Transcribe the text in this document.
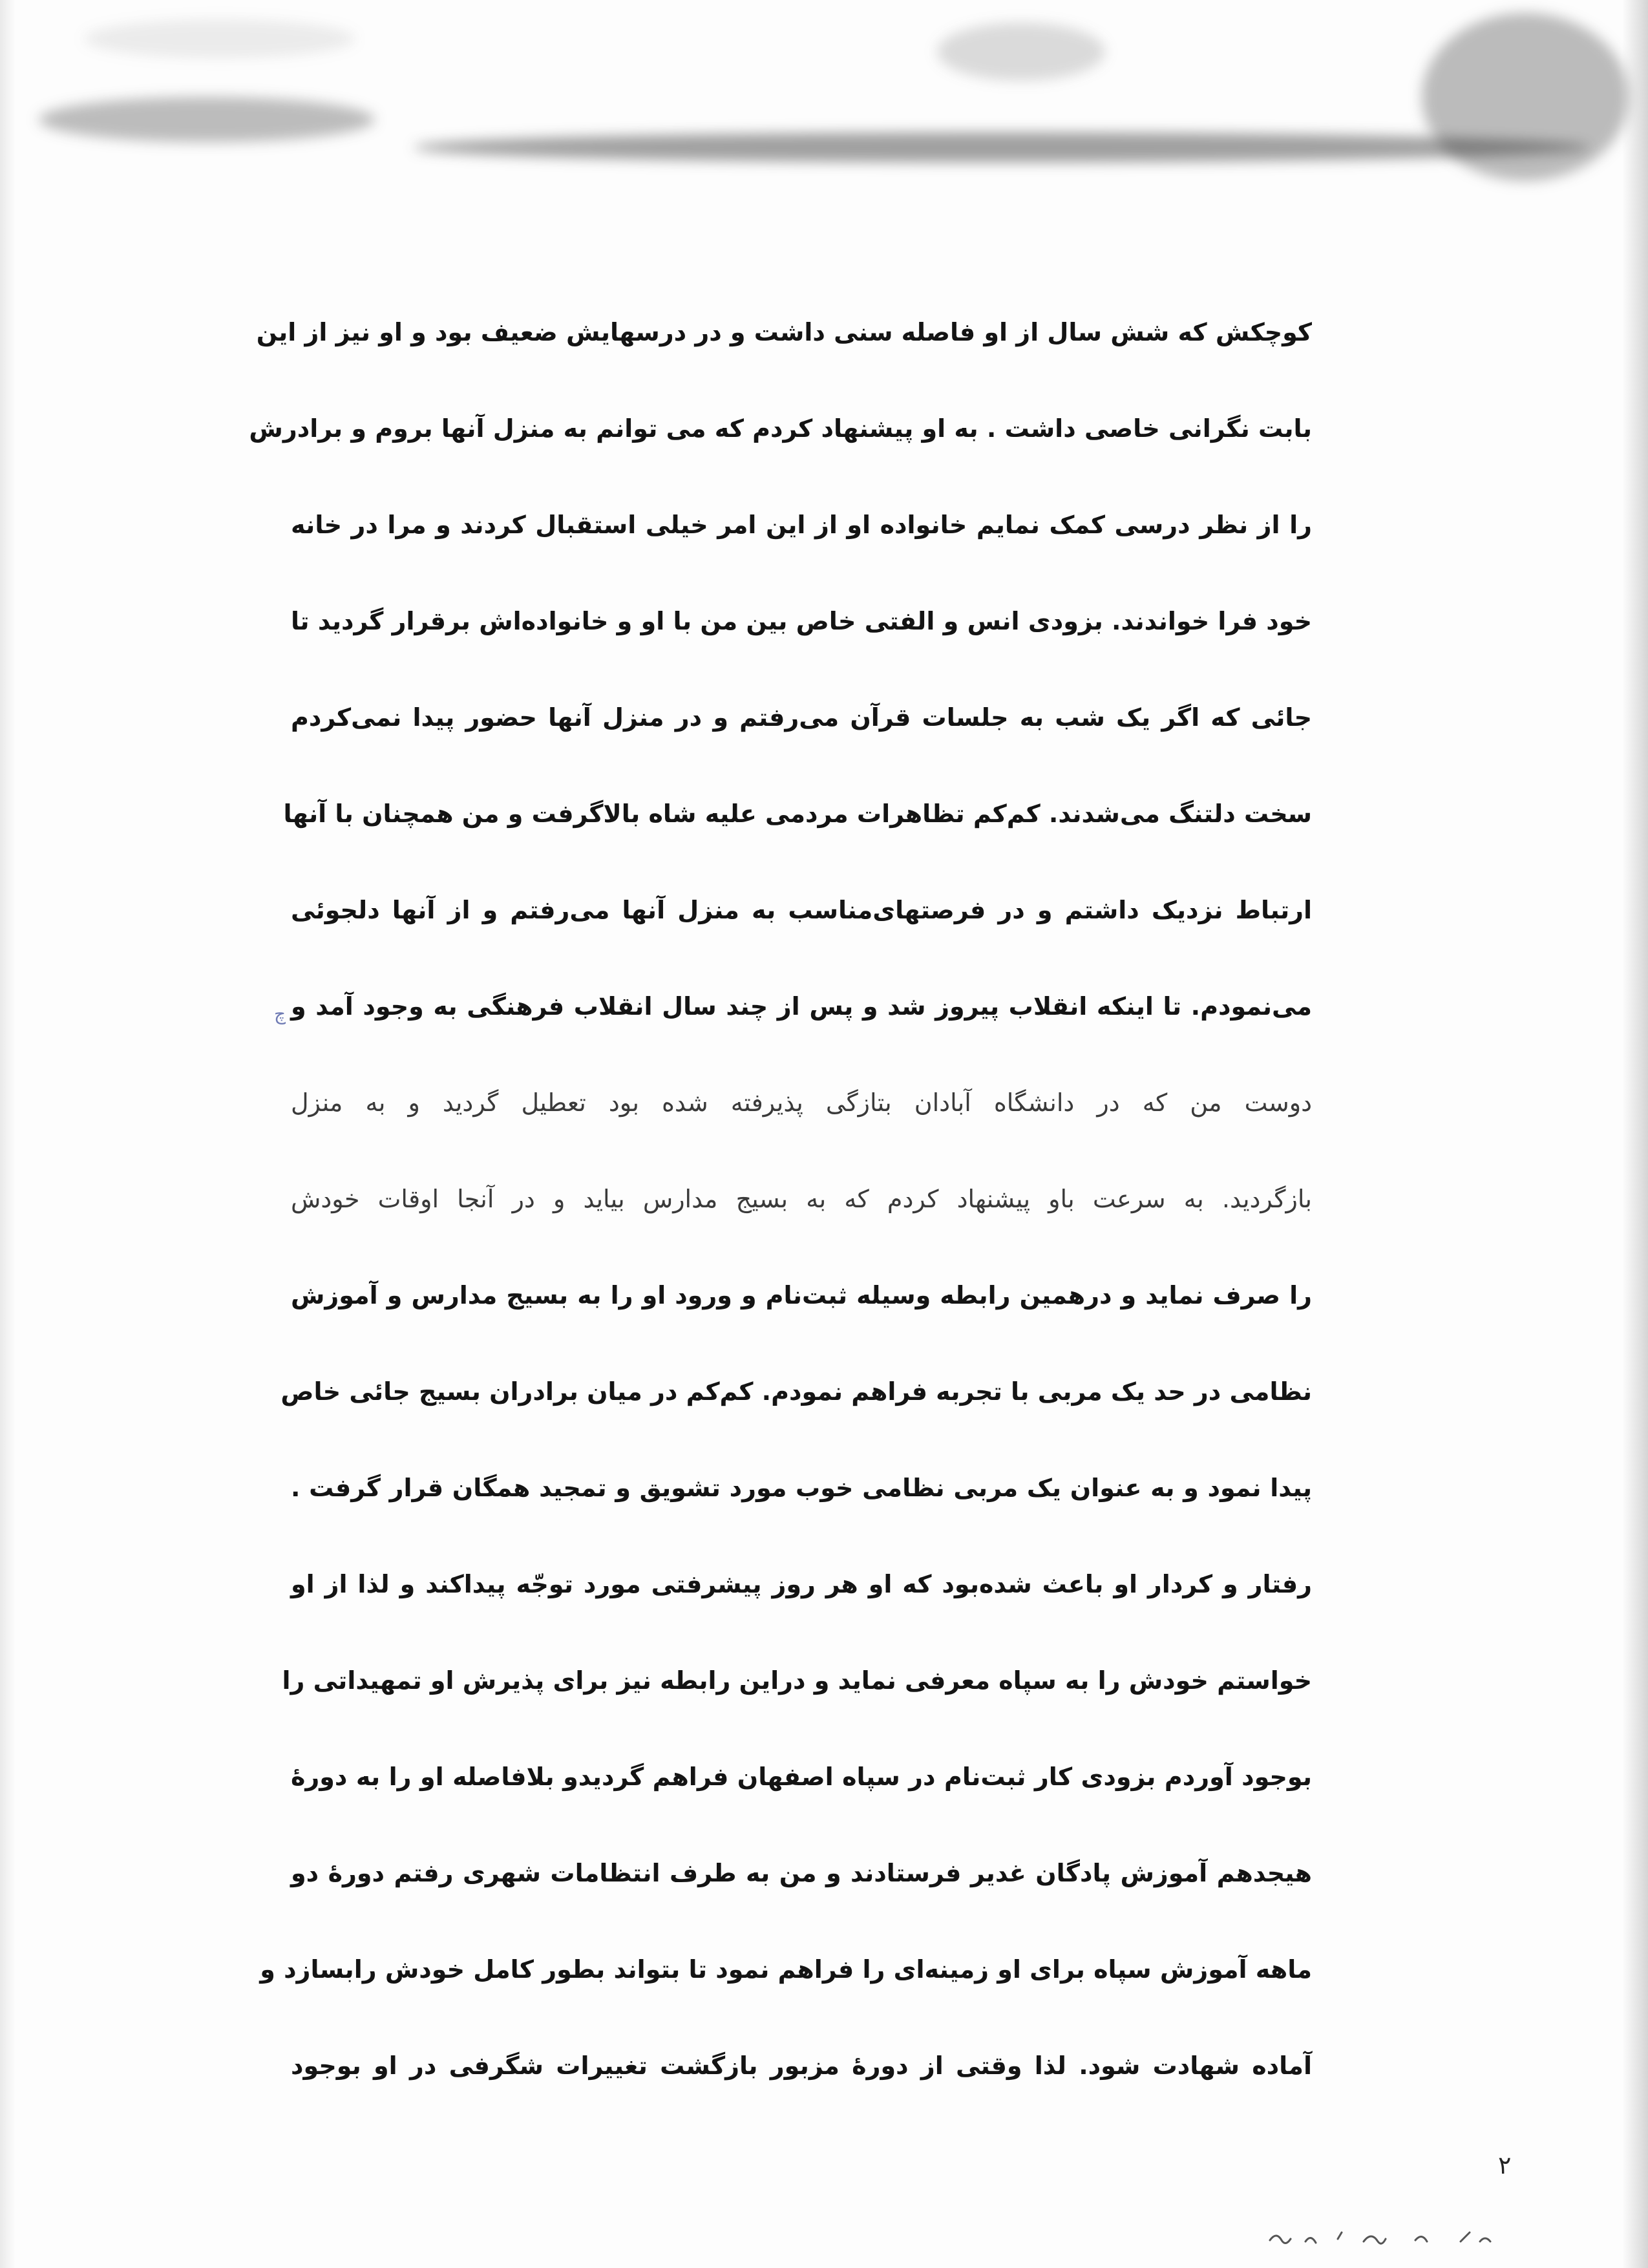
کوچکش که شش سال از او فاصله سنی داشت و در درسهایش ضعیف بود و او نیز از این
بابت نگرانی خاصی داشت . به او پیشنهاد کردم که می توانم به منزل آنها بروم و برادرش
را از نظر درسی کمک نمایم خانواده او از این امر خیلی استقبال کردند و مرا در خانه
خود فرا خواندند. بزودی انس و الفتی خاص بین من با او و خانواده‌اش برقرار گردید تا
جائی که اگر یک شب به جلسات قرآن می‌رفتم و در منزل آنها حضور پیدا نمی‌کردم
سخت دلتنگ می‌شدند. کم‌کم تظاهرات مردمی علیه شاه بالاگرفت و من همچنان با آنها
ارتباط نزدیک داشتم و در فرصتهای‌مناسب به منزل آنها می‌رفتم و از آنها دلجوئی
می‌نمودم. تا اینکه انقلاب پیروز شد و پس از چند سال انقلاب فرهنگی به وجود آمد و
دوست من که در دانشگاه آبادان بتازگی پذیرفته شده بود تعطیل گردید و به منزل
بازگردید. به سرعت باو پیشنهاد کردم که به بسیج مدارس بیاید و در آنجا اوقات خودش
را صرف نماید و درهمین رابطه وسیله ثبت‌نام و ورود او را به بسیج مدارس و آموزش
نظامی در حد یک مربی با تجربه فراهم نمودم. کم‌کم در میان برادران بسیج جائی خاص
پیدا نمود و به عنوان یک مربی نظامی خوب مورد تشویق و تمجید همگان قرار گرفت .
رفتار و کردار او باعث شده‌بود که او هر روز پیشرفتی مورد توجّه پیداکند و لذا از او
خواستم خودش را به سپاه معرفی نماید و دراین رابطه نیز برای پذیرش او تمهیداتی را
بوجود آوردم بزودی کار ثبت‌نام در سپاه اصفهان فراهم گردیدو بلافاصله او را به دورهٔ
هیجدهم آموزش پادگان غدیر فرستادند و من به طرف انتظامات شهری رفتم دورهٔ دو
ماهه آموزش سپاه برای او زمینه‌ای را فراهم نمود تا بتواند بطور کامل خودش رابسازد و
آماده شهادت شود. لذا وقتی از دورهٔ مزبور بازگشت تغییرات شگرفی در او بوجود
ﭺ
۲
